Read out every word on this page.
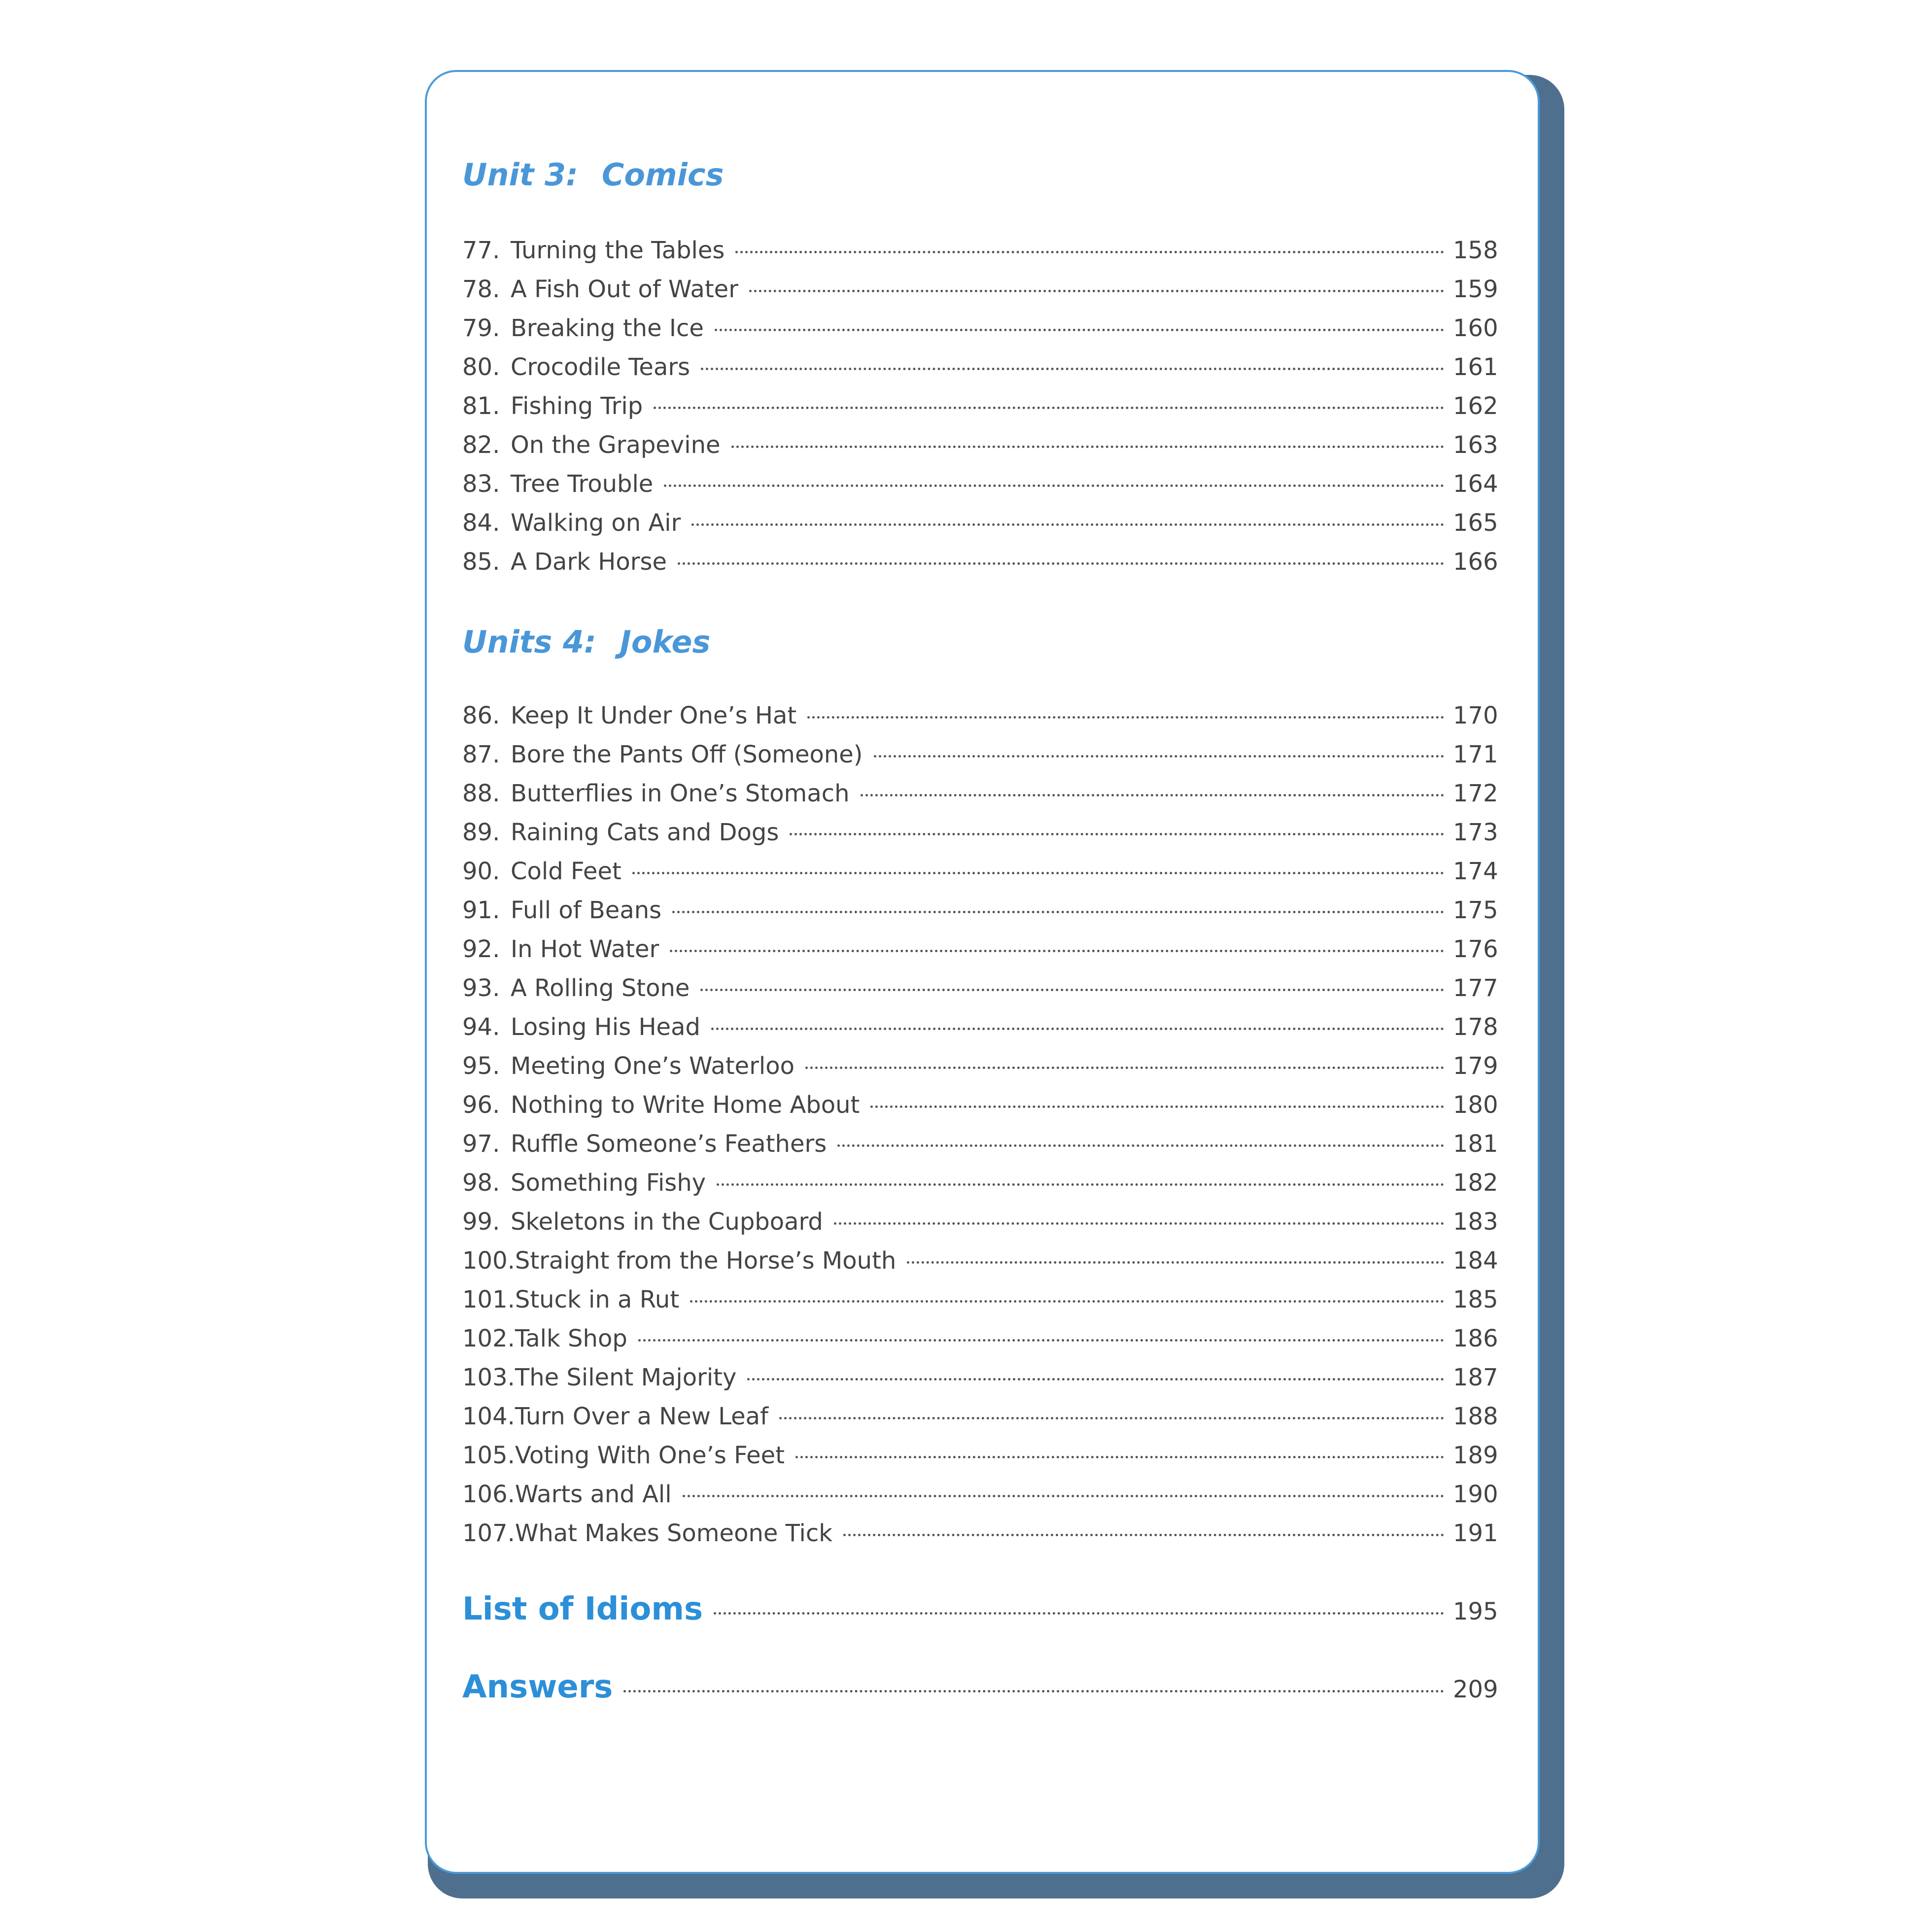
Unit 3: Comics
77. Turning the Tables	158
78. A Fish Out of Water	159
79. Breaking the Ice	160
80. Crocodile Tears	161
81. Fishing Trip	162
82. On the Grapevine	163
83. Tree Trouble	164
84. Walking on Air	165
85. A Dark Horse	166
Units 4: Jokes
86. Keep It Under One’s Hat	170
87. Bore the Pants Off (Someone)	171
88. Butterflies in One’s Stomach	172
89. Raining Cats and Dogs	173
90. Cold Feet	174
91. Full of Beans	175
92. In Hot Water	176
93. A Rolling Stone	177
94. Losing His Head	178
95. Meeting One’s Waterloo	179
96. Nothing to Write Home About	180
97. Ruffle Someone’s Feathers	181
98. Something Fishy	182
99. Skeletons in the Cupboard	183
100. Straight from the Horse’s Mouth	184
101. Stuck in a Rut	185
102. Talk Shop	186
103. The Silent Majority	187
104. Turn Over a New Leaf	188
105. Voting With One’s Feet	189
106. Warts and All	190
107. What Makes Someone Tick	191
List of Idioms	195
Answers	209
